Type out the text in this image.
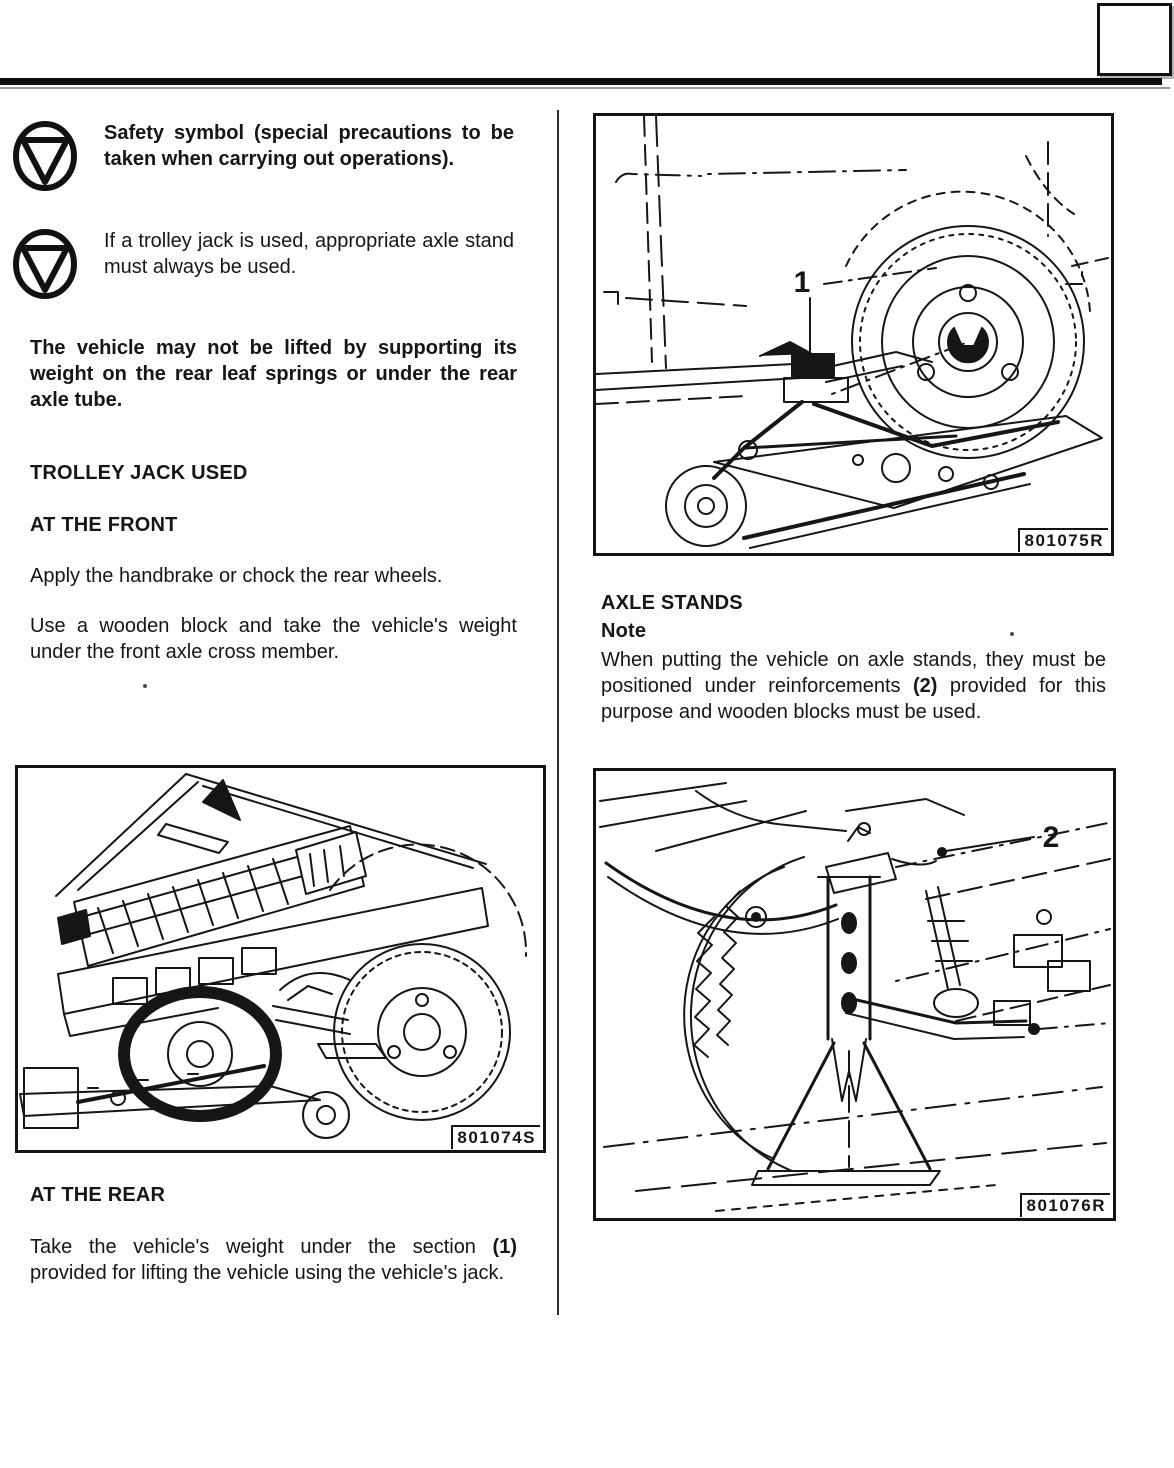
Safety symbol (special precautions to be taken when carrying out operations).
If a trolley jack is used, appropriate axle stand must always be used.
The vehicle may not be lifted by supporting its weight on the rear leaf springs or under the rear axle tube.
TROLLEY JACK USED
AT THE FRONT
Apply the handbrake or chock the rear wheels.
Use a wooden block and take the vehicle's weight under the front axle cross member.
801074S
AT THE REAR
Take the vehicle's weight under the section (1) provided for lifting the vehicle using the vehicle's jack.
1
801075R
AXLE STANDS
Note
When putting the vehicle on axle stands, they must be positioned under reinforcements (2) provided for this purpose and wooden blocks must be used.
2
801076R
